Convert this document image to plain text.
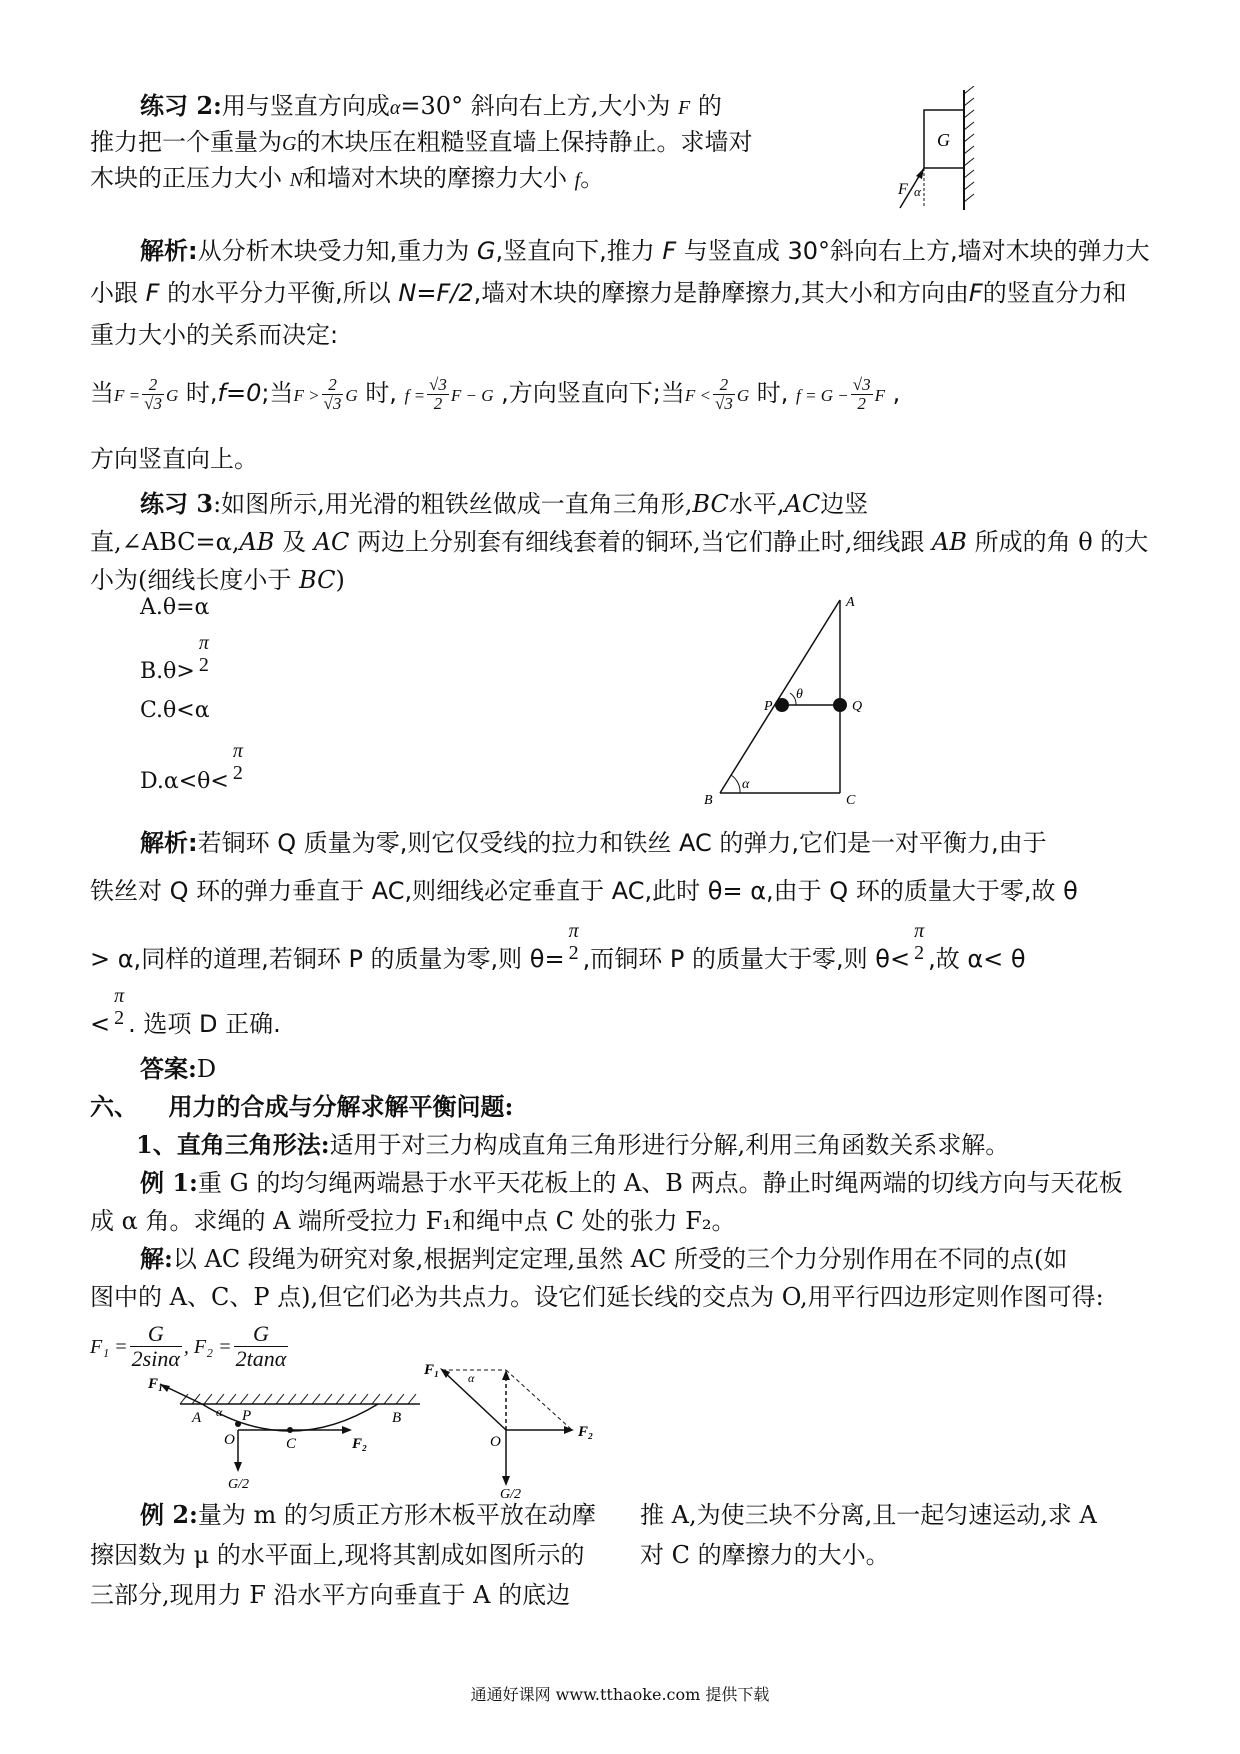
练习 2:用与竖直方向成α=30° 斜向右上方,大小为 F 的
推力把一个重量为G的木块压在粗糙竖直墙上保持静止。求墙对
木块的正压力大小 N和墙对木块的摩擦力大小 f。
G
F α
解析:从分析木块受力知,重力为 G,竖直向下,推力 F 与竖直成 30°斜向右上方,墙对木块的弹力大小跟 F 的水平分力平衡,所以 N=F/2,墙对木块的摩擦力是静摩擦力,其大小和方向由F的竖直分力和重力大小的关系而决定:
当$F = \frac{2}{√3}$ G 时,f=0;当$F > \frac{2}{√3}$ G 时, $f = \frac{√3}{2}$ F − G ,方向竖直向下;当$F < \frac{2}{√3}$ G 时, $f = G - \frac{√3}{2}$ F ,
方向竖直向上。
练习 3:如图所示,用光滑的粗铁丝做成一直角三角形,BC水平,AC边竖直,∠ABC=α,AB 及 AC 两边上分别套有细线套着的铜环,当它们静止时,细线跟 AB 所成的角 θ 的大小为(细线长度小于 BC)
A.θ=α
B.θ>
π
2
C.θ<α
D.α<θ<
π
2
A
B	C
P	Q
θ
α
解析:若铜环 Q 质量为零,则它仅受线的拉力和铁丝 AC 的弹力,它们是一对平衡力,由于
铁丝对 Q 环的弹力垂直于 AC,则细线必定垂直于 AC,此时 θ= α,由于 Q 环的质量大于零,故 θ
> α,同样的道理,若铜环 P 的质量为零,则 θ=
π
2 ,而铜环 P 的质量大于零,则 θ<
π
2 ,故 α< θ
<
π
2 . 选项 D 正确.
答案:D
六、 用力的合成与分解求解平衡问题:
1、直角三角形法:适用于对三力构成直角三角形进行分解,利用三角函数关系求解。
例 1:重 G 的均匀绳两端悬于水平天花板上的 A、B 两点。静止时绳两端的切线方向与天花板
成 α 角。求绳的 A 端所受拉力 F₁和绳中点 C 处的张力 F₂。
解:以 AC 段绳为研究对象,根据判定定理,虽然 AC 所受的三个力分别作用在不同的点(如
图中的 A、C、P 点),但它们必为共点力。设它们延长线的交点为 O,用平行四边形定则作图可得:
$F_1 = \frac{G}{2\sin\alpha}$ , $F_2 = \frac{G}{2\tan\alpha}$
F₁
A	B
C
P
O
α
F₂
G/2
F₁ α
O
F₂
G/2
例 2:量为 m 的匀质正方形木板平放在动摩
擦因数为 μ 的水平面上,现将其割成如图所示的
三部分,现用力 F 沿水平方向垂直于 A 的底边
推 A,为使三块不分离,且一起匀速运动,求 A
对 C 的摩擦力的大小。
通通好课网 www.tthaoke.com 提供下载
